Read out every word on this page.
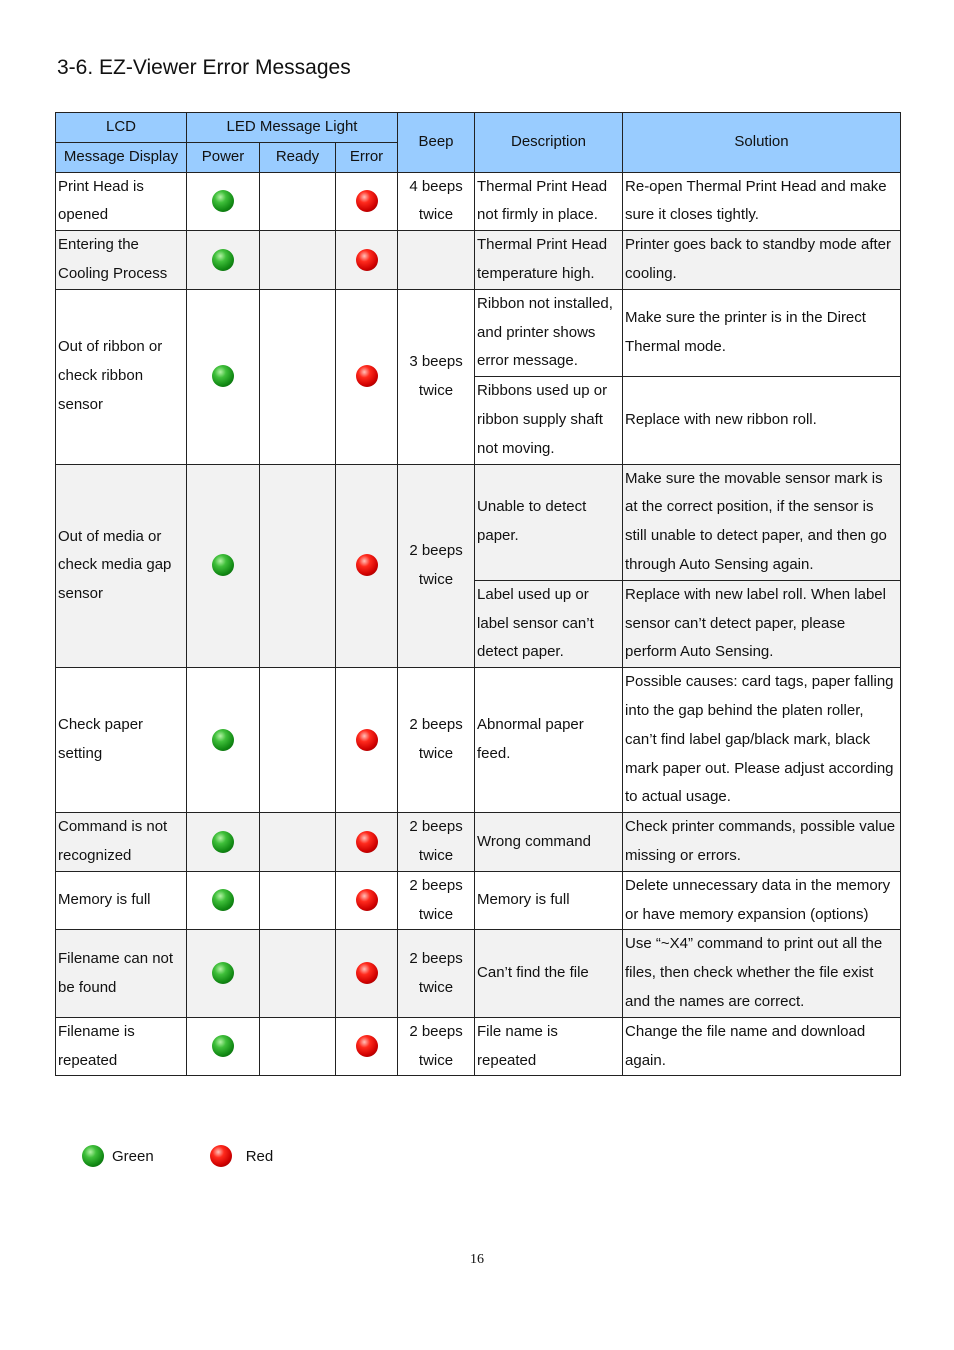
3-6. EZ-Viewer Error Messages
LCD	LED Message Light			Beep	Description	Solution
Message Display	Power	Ready	Error			
Print Head is opened				4 beeps twice	Thermal Print Head not firmly in place.	Re-open Thermal Print Head and make sure it closes tightly.
Entering the Cooling Process					Thermal Print Head temperature high.	Printer goes back to standby mode after cooling.
Out of ribbon or check ribbon sensor				3 beeps twice	Ribbon not installed, and printer shows error message.	Make sure the printer is in the Direct Thermal mode.
					Ribbons used up or ribbon supply shaft not moving.	Replace with new ribbon roll.
Out of media or check media gap sensor				2 beeps twice	Unable to detect paper.	Make sure the movable sensor mark is at the correct position, if the sensor is still unable to detect paper, and then go through Auto Sensing again.
					Label used up or label sensor can’t detect paper.	Replace with new label roll. When label sensor can’t detect paper, please perform Auto Sensing.
Check paper setting				2 beeps twice	Abnormal paper feed.	Possible causes: card tags, paper falling into the gap behind the platen roller, can’t find label gap/black mark, black mark paper out. Please adjust according to actual usage.
Command is not recognized				2 beeps twice	Wrong command	Check printer commands, possible value missing or errors.
Memory is full				2 beeps twice	Memory is full	Delete unnecessary data in the memory or have memory expansion (options)
Filename can not be found				2 beeps twice	Can’t find the file	Use “~X4” command to print out all the files, then check whether the file exist and the names are correct.
Filename is repeated				2 beeps twice	File name is repeated	Change the file name and download again.
Green	Red
16
